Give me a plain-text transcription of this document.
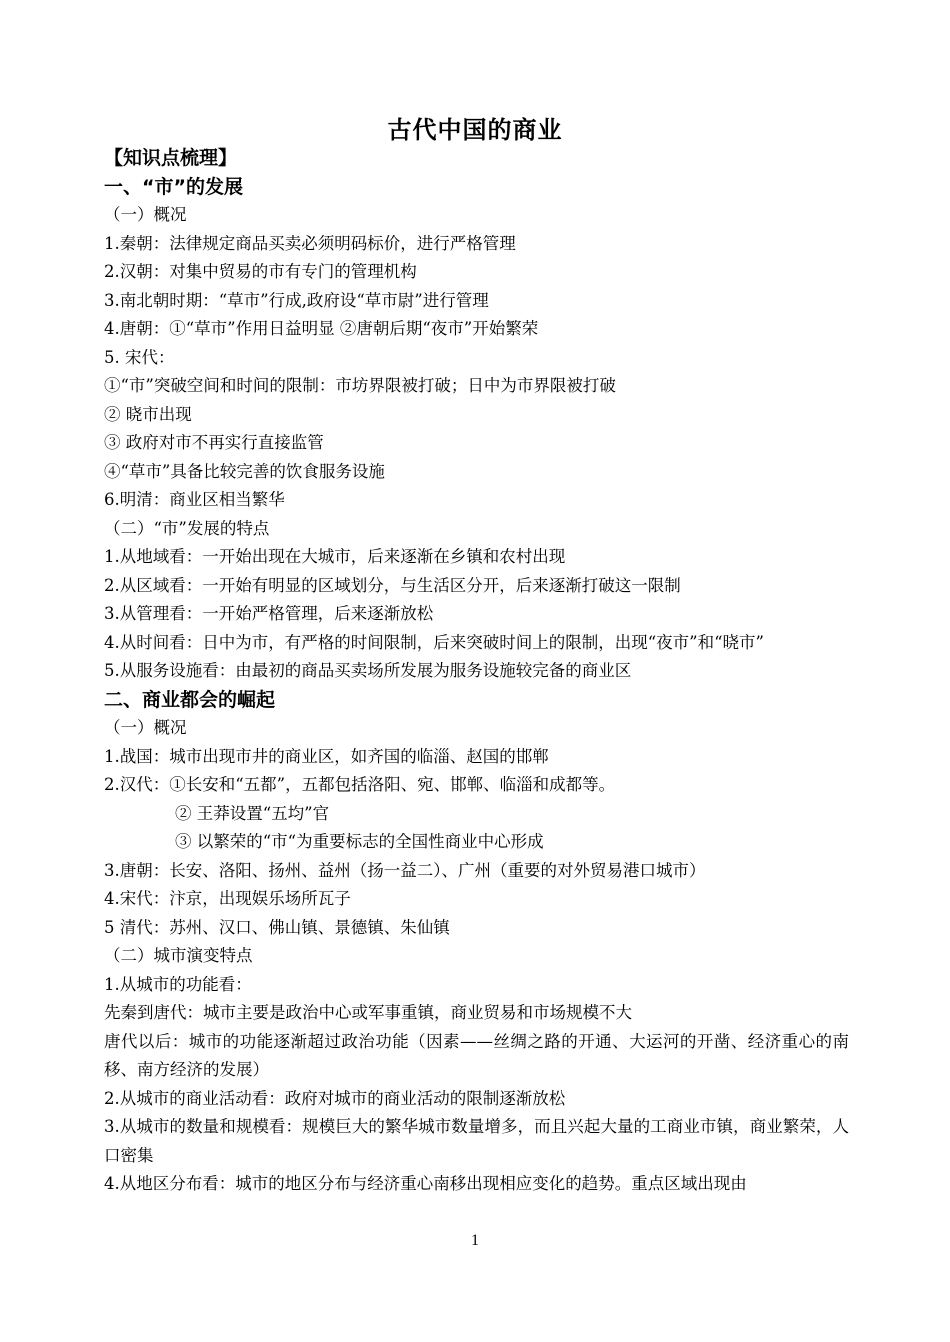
古代中国的商业
【知识点梳理】
一、“市”的发展
（一）概况
1.秦朝：法律规定商品买卖必须明码标价，进行严格管理
2.汉朝：对集中贸易的市有专门的管理机构
3.南北朝时期：“草市”行成,政府设“草市尉”进行管理
4.唐朝：①“草市”作用日益明显 ②唐朝后期“夜市”开始繁荣
5. 宋代：
①“市”突破空间和时间的限制：市坊界限被打破；日中为市界限被打破
② 晓市出现
③ 政府对市不再实行直接监管
④“草市”具备比较完善的饮食服务设施
6.明清：商业区相当繁华
（二）“市”发展的特点
1.从地域看：一开始出现在大城市，后来逐渐在乡镇和农村出现
2.从区域看：一开始有明显的区域划分，与生活区分开，后来逐渐打破这一限制
3.从管理看：一开始严格管理，后来逐渐放松
4.从时间看：日中为市，有严格的时间限制，后来突破时间上的限制，出现“夜市”和“晓市”
5.从服务设施看：由最初的商品买卖场所发展为服务设施较完备的商业区
二、商业都会的崛起
（一）概况
1.战国：城市出现市井的商业区，如齐国的临淄、赵国的邯郸
2.汉代：①长安和“五都”，五都包括洛阳、宛、邯郸、临淄和成都等。
② 王莽设置“五均”官
③ 以繁荣的“市“为重要标志的全国性商业中心形成
3.唐朝：长安、洛阳、扬州、益州（扬一益二）、广州（重要的对外贸易港口城市）
4.宋代：汴京，出现娱乐场所瓦子
5 清代：苏州、汉口、佛山镇、景德镇、朱仙镇
（二）城市演变特点
1.从城市的功能看：
先秦到唐代：城市主要是政治中心或军事重镇，商业贸易和市场规模不大
唐代以后：城市的功能逐渐超过政治功能（因素——丝绸之路的开通、大运河的开凿、经济重心的南移、南方经济的发展）
2.从城市的商业活动看：政府对城市的商业活动的限制逐渐放松
3.从城市的数量和规模看：规模巨大的繁华城市数量增多，而且兴起大量的工商业市镇，商业繁荣，人口密集
4.从地区分布看：城市的地区分布与经济重心南移出现相应变化的趋势。重点区域出现由
1
